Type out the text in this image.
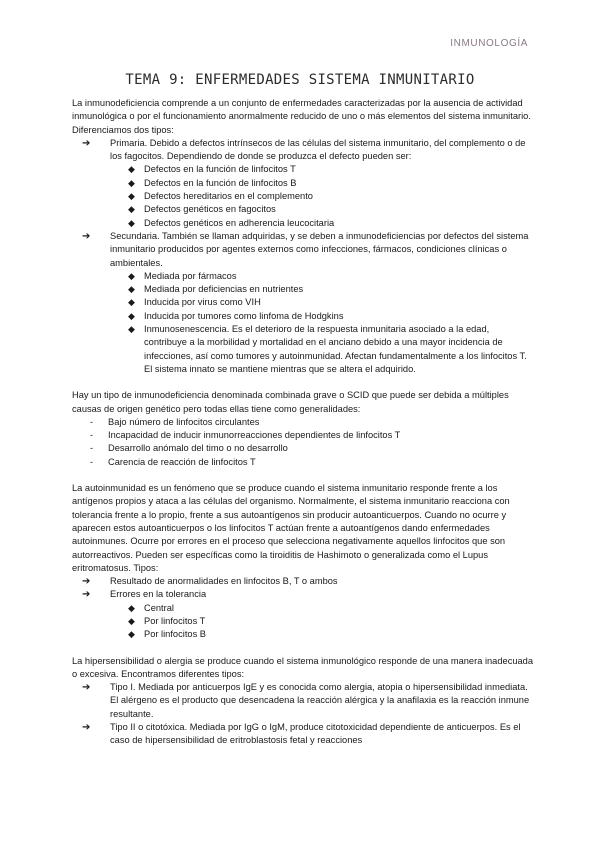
INMUNOLOGÍA
TEMA 9: ENFERMEDADES SISTEMA INMUNITARIO

La inmunodeficiencia comprende a un conjunto de enfermedades caracterizadas por la ausencia de actividad inmunológica o por el funcionamiento anormalmente reducido de uno o más elementos del sistema inmunitario. Diferenciamos dos tipos:

➔ Primaria. Debido a defectos intrínsecos de las células del sistema inmunitario, del complemento o de los fagocitos. Dependiendo de donde se produzca el defecto pueden ser:
◆ Defectos en la función de linfocitos T
◆ Defectos en la función de linfocitos B
◆ Defectos hereditarios en el complemento
◆ Defectos genéticos en fagocitos
◆ Defectos genéticos en adherencia leucocitaria
➔ Secundaria. También se llaman adquiridas, y se deben a inmunodeficiencias por defectos del sistema inmunitario producidos por agentes externos como infecciones, fármacos, condiciones clínicas o ambientales.
◆ Mediada por fármacos
◆ Mediada por deficiencias en nutrientes
◆ Inducida por virus como VIH
◆ Inducida por tumores como linfoma de Hodgkins
◆ Inmunosenescencia. Es el deterioro de la respuesta inmunitaria asociado a la edad, contribuye a la morbilidad y mortalidad en el anciano debido a una mayor incidencia de infecciones, así como tumores y autoinmunidad. Afectan fundamentalmente a los linfocitos T. El sistema innato se mantiene mientras que se altera el adquirido.

Hay un tipo de inmunodeficiencia denominada combinada grave o SCID que puede ser debida a múltiples causas de origen genético pero todas ellas tiene como generalidades:

- Bajo número de linfocitos circulantes
- Incapacidad de inducir inmunorreacciones dependientes de linfocitos T
- Desarrollo anómalo del timo o no desarrollo
- Carencia de reacción de linfocitos T

La autoinmunidad es un fenómeno que se produce cuando el sistema inmunitario responde frente a los antígenos propios y ataca a las células del organismo. Normalmente, el sistema inmunitario reacciona con tolerancia frente a lo propio, frente a sus autoantígenos sin producir autoanticuerpos. Cuando no ocurre y aparecen estos autoanticuerpos o los linfocitos T actúan frente a autoantígenos dando enfermedades autoinmunes. Ocurre por errores en el proceso que selecciona negativamente aquellos linfocitos que son autorreactivos. Pueden ser específicas como la tiroiditis de Hashimoto o generalizada como el Lupus eritromatosus. Tipos:

➔ Resultado de anormalidades en linfocitos B, T o ambos
➔ Errores en la tolerancia
◆ Central
◆ Por linfocitos T
◆ Por linfocitos B

La hipersensibilidad o alergia se produce cuando el sistema inmunológico responde de una manera inadecuada o excesiva. Encontramos diferentes tipos:

➔ Tipo I. Mediada por anticuerpos IgE y es conocida como alergia, atopia o hipersensibilidad inmediata. El alérgeno es el producto que desencadena la reacción alérgica y la anafilaxia es la reacción inmune resultante.
➔ Tipo II o citotóxica. Mediada por IgG o IgM, produce citotoxicidad dependiente de anticuerpos. Es el caso de hipersensibilidad de eritroblastosis fetal y reacciones
